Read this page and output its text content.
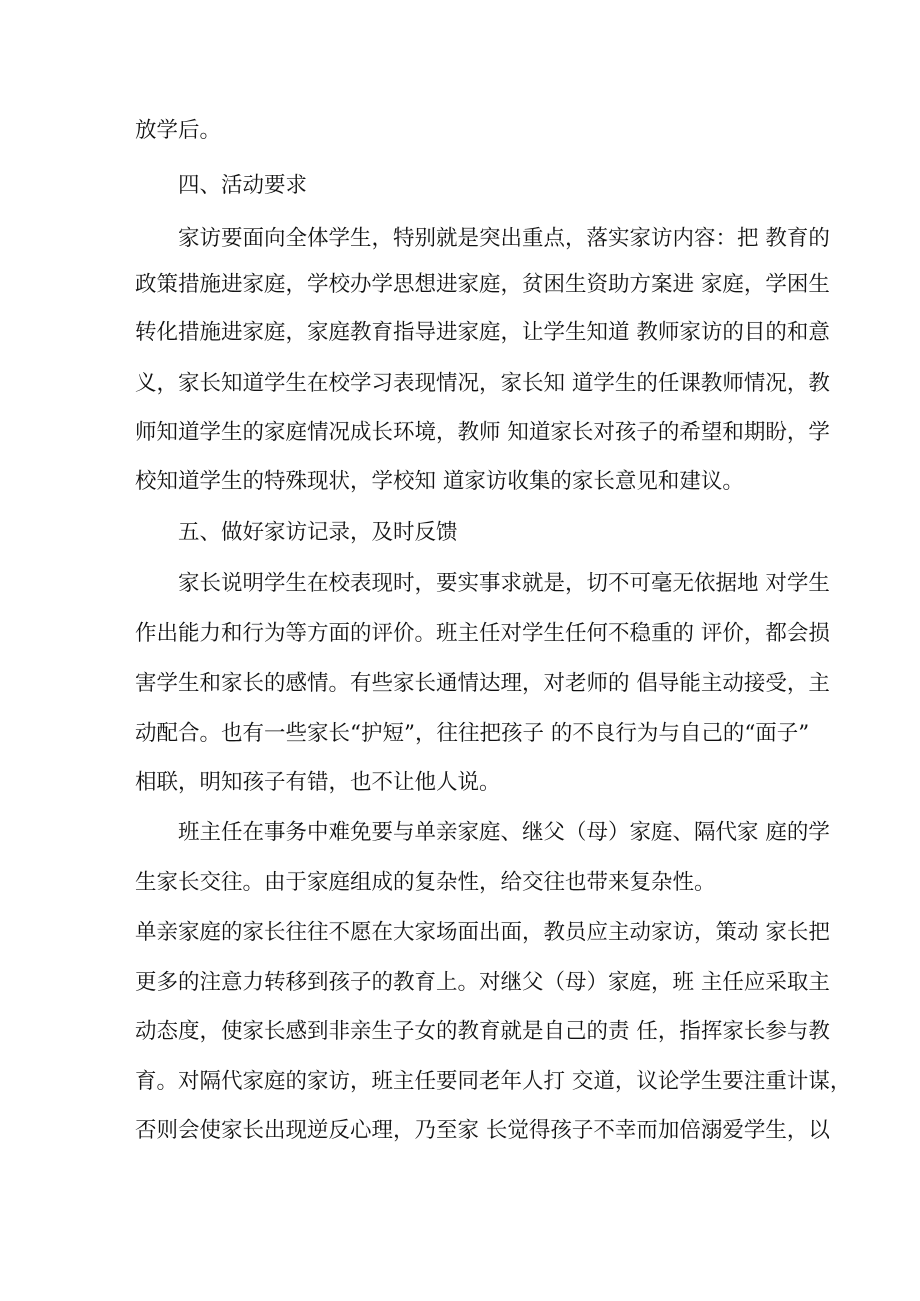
放学后。
四、活动要求
家访要面向全体学生，特别就是突出重点，落实家访内容：把 教育的
政策措施进家庭，学校办学思想进家庭，贫困生资助方案进 家庭，学困生
转化措施进家庭，家庭教育指导进家庭，让学生知道 教师家访的目的和意
义，家长知道学生在校学习表现情况，家长知 道学生的任课教师情况，教
师知道学生的家庭情况成长环境，教师 知道家长对孩子的希望和期盼，学
校知道学生的特殊现状，学校知 道家访收集的家长意见和建议。
五、做好家访记录，及时反馈
家长说明学生在校表现时，要实事求就是，切不可毫无依据地 对学生
作出能力和行为等方面的评价。班主任对学生任何不稳重的 评价，都会损
害学生和家长的感情。有些家长通情达理，对老师的 倡导能主动接受，主
动配合。也有一些家长“护短”，往往把孩子 的不良行为与自己的“面子”
相联，明知孩子有错，也不让他人说。
班主任在事务中难免要与单亲家庭、继父（母）家庭、隔代家 庭的学
生家长交往。由于家庭组成的复杂性，给交往也带来复杂性。
单亲家庭的家长往往不愿在大家场面出面，教员应主动家访，策动 家长把
更多的注意力转移到孩子的教育上。对继父（母）家庭，班 主任应采取主
动态度，使家长感到非亲生子女的教育就是自己的责 任，指挥家长参与教
育。对隔代家庭的家访，班主任要同老年人打 交道，议论学生要注重计谋，
否则会使家长出现逆反心理，乃至家 长觉得孩子不幸而加倍溺爱学生，以
